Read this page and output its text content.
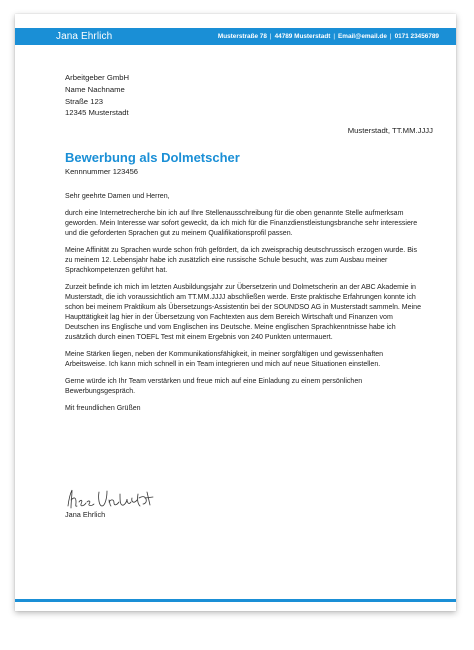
Jana Ehrlich	Musterstraße 78 | 44789 Musterstadt | Email@email.de | 0171 23456789
Arbeitgeber GmbH
Name Nachname
Straße 123
12345 Musterstadt
Musterstadt, TT.MM.JJJJ
Bewerbung als Dolmetscher
Kennnummer 123456

Sehr geehrte Damen und Herren,

durch eine Internetrecherche bin ich auf Ihre Stellenausschreibung für die oben genannte Stelle aufmerksam geworden. Mein Interesse war sofort geweckt, da ich mich für die Finanzdienstleistungsbranche sehr interessiere und die geforderten Sprachen gut zu meinem Qualifikationsprofil passen.

Meine Affinität zu Sprachen wurde schon früh gefördert, da ich zweisprachig deutschrussisch erzogen wurde. Bis zu meinem 12. Lebensjahr habe ich zusätzlich eine russische Schule besucht, was zum Ausbau meiner Sprachkompetenzen geführt hat.

Zurzeit befinde ich mich im letzten Ausbildungsjahr zur Übersetzerin und Dolmetscherin an der ABC Akademie in Musterstadt, die ich voraussichtlich am TT.MM.JJJJ abschließen werde. Erste praktische Erfahrungen konnte ich schon bei meinem Praktikum als Übersetzungs-Assistentin bei der SOUNDSO AG in Musterstadt sammeln. Meine Haupttätigkeit lag hier in der Übersetzung von Fachtexten aus dem Bereich Wirtschaft und Finanzen vom Deutschen ins Englische und vom Englischen ins Deutsche. Meine englischen Sprachkenntnisse habe ich zusätzlich durch einen TOEFL Test mit einem Ergebnis von 240 Punkten untermauert.

Meine Stärken liegen, neben der Kommunikationsfähigkeit, in meiner sorgfältigen und gewissenhaften Arbeitsweise. Ich kann mich schnell in ein Team integrieren und mich auf neue Situationen einstellen.

Gerne würde ich Ihr Team verstärken und freue mich auf eine Einladung zu einem persönlichen Bewerbungsgespräch.

Mit freundlichen Grüßen

Jana Ehrlich
